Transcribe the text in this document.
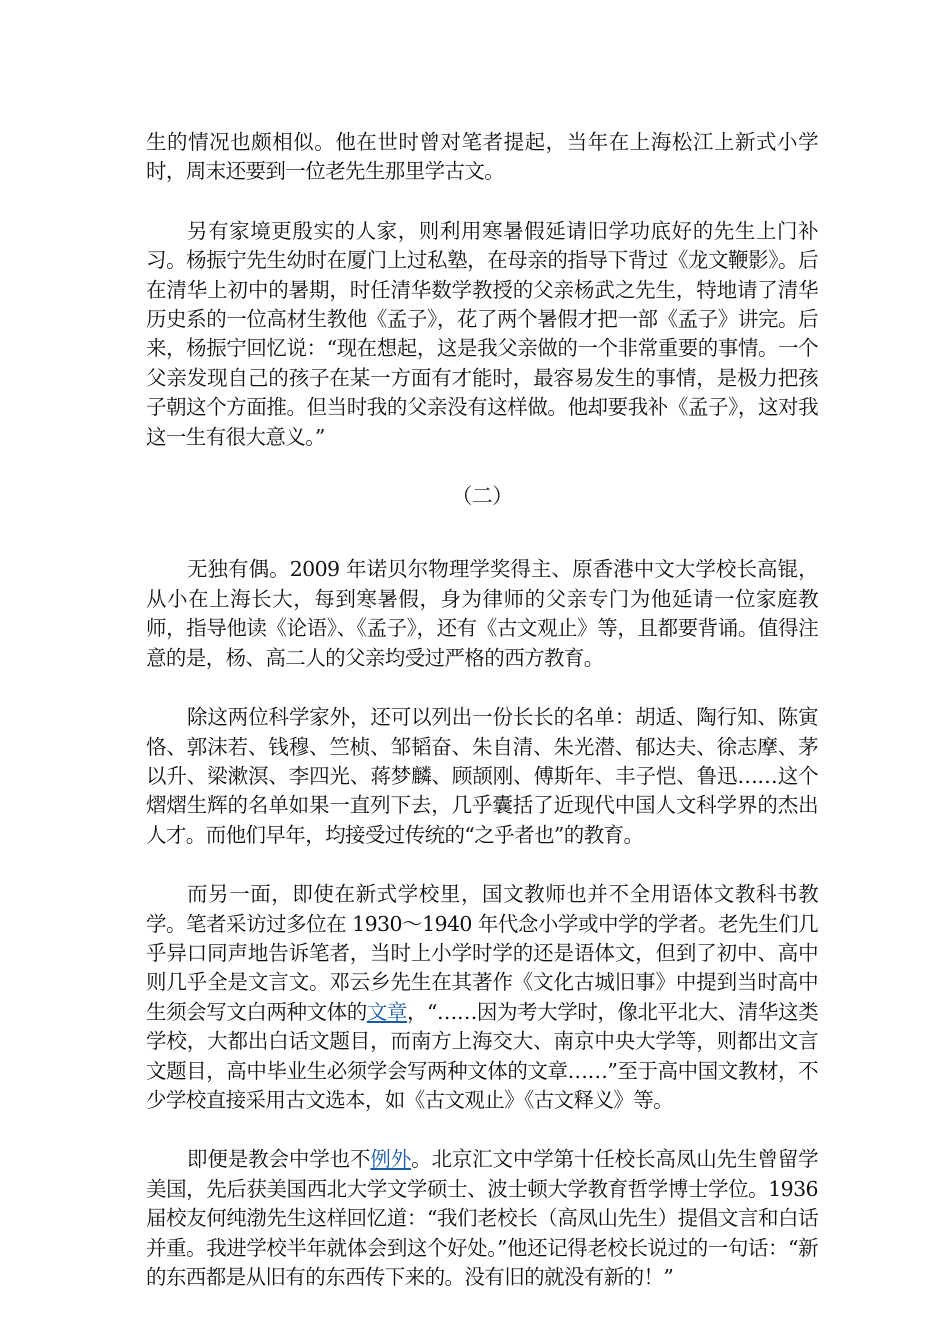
生的情况也颇相似。他在世时曾对笔者提起，当年在上海松江上新式小学时，周末还要到一位老先生那里学古文。

另有家境更殷实的人家，则利用寒暑假延请旧学功底好的先生上门补习。杨振宁先生幼时在厦门上过私塾，在母亲的指导下背过《龙文鞭影》。后在清华上初中的暑期，时任清华数学教授的父亲杨武之先生，特地请了清华历史系的一位高材生教他《孟子》，花了两个暑假才把一部《孟子》讲完。后来，杨振宁回忆说：“现在想起，这是我父亲做的一个非常重要的事情。一个父亲发现自己的孩子在某一方面有才能时，最容易发生的事情，是极力把孩子朝这个方面推。但当时我的父亲没有这样做。他却要我补《孟子》，这对我这一生有很大意义。”

（二）

无独有偶。2009 年诺贝尔物理学奖得主、原香港中文大学校长高锟，从小在上海长大，每到寒暑假，身为律师的父亲专门为他延请一位家庭教师，指导他读《论语》、《孟子》，还有《古文观止》等，且都要背诵。值得注意的是，杨、高二人的父亲均受过严格的西方教育。

除这两位科学家外，还可以列出一份长长的名单：胡适、陶行知、陈寅恪、郭沫若、钱穆、竺桢、邹韬奋、朱自清、朱光潜、郁达夫、徐志摩、茅以升、梁漱溟、李四光、蒋梦麟、顾颉刚、傅斯年、丰子恺、鲁迅……这个熠熠生辉的名单如果一直列下去，几乎囊括了近现代中国人文科学界的杰出人才。而他们早年，均接受过传统的“之乎者也”的教育。

而另一面，即使在新式学校里，国文教师也并不全用语体文教科书教学。笔者采访过多位在 1930～1940 年代念小学或中学的学者。老先生们几乎异口同声地告诉笔者，当时上小学时学的还是语体文，但到了初中、高中则几乎全是文言文。邓云乡先生在其著作《文化古城旧事》中提到当时高中生须会写文白两种文体的文章，“……因为考大学时，像北平北大、清华这类学校，大都出白话文题目，而南方上海交大、南京中央大学等，则都出文言文题目，高中毕业生必须学会写两种文体的文章……”至于高中国文教材，不少学校直接采用古文选本，如《古文观止》《古文释义》等。

即便是教会中学也不例外。北京汇文中学第十任校长高凤山先生曾留学美国，先后获美国西北大学文学硕士、波士顿大学教育哲学博士学位。1936 届校友何纯渤先生这样回忆道：“我们老校长（高凤山先生）提倡文言和白话并重。我进学校半年就体会到这个好处。”他还记得老校长说过的一句话：“新的东西都是从旧有的东西传下来的。没有旧的就没有新的！”
